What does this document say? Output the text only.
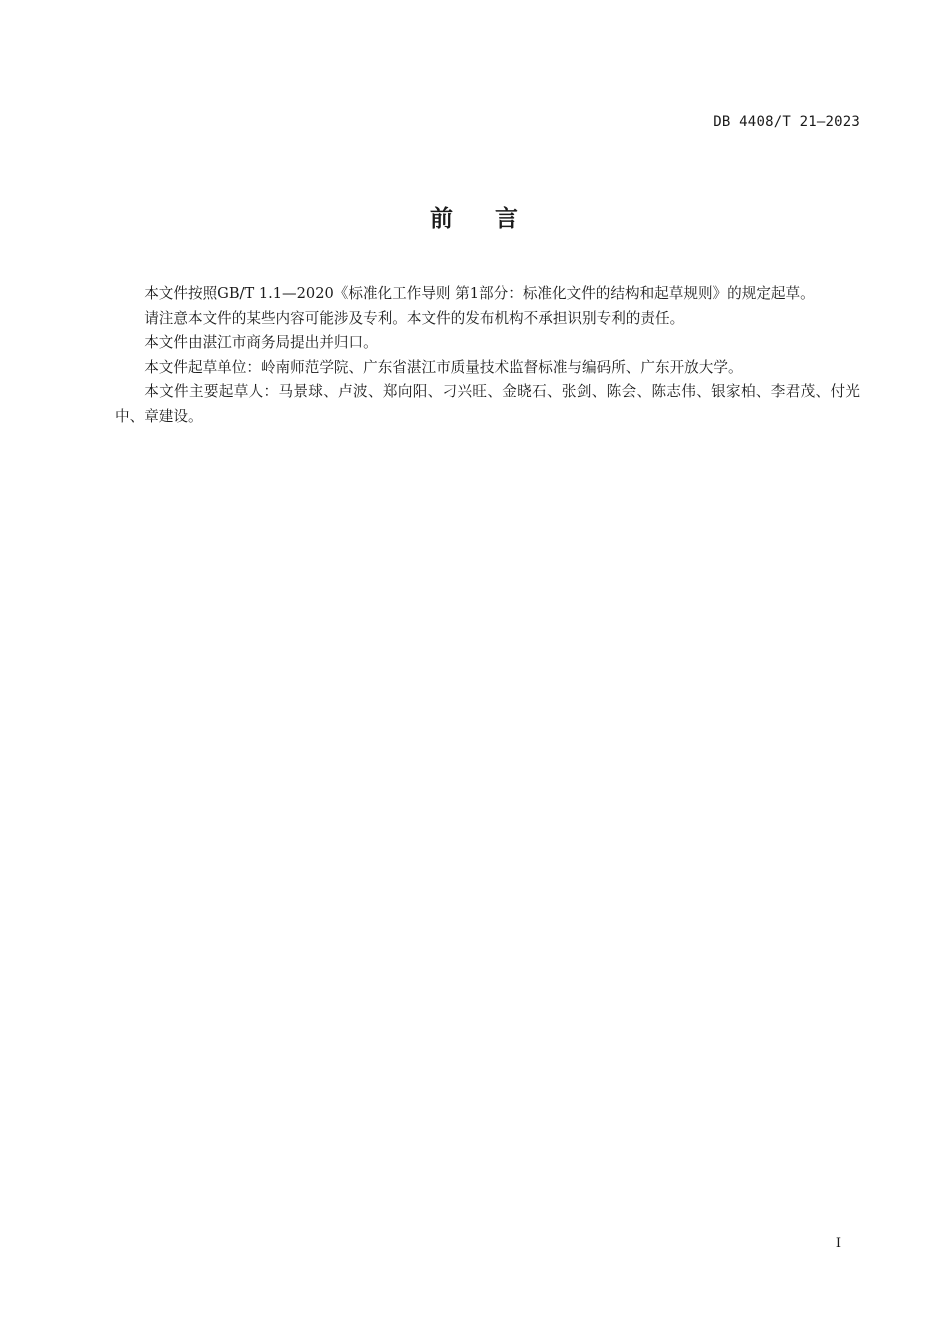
DB 4408/T 21—2023
前    言

本文件按照GB/T 1.1—2020《标准化工作导则 第1部分：标准化文件的结构和起草规则》的规定起草。

请注意本文件的某些内容可能涉及专利。本文件的发布机构不承担识别专利的责任。

本文件由湛江市商务局提出并归口。

本文件起草单位：岭南师范学院、广东省湛江市质量技术监督标准与编码所、广东开放大学。

本文件主要起草人：马景球、卢波、郑向阳、刁兴旺、金晓石、张剑、陈会、陈志伟、银家柏、李君茂、付光中、章建设。

I
